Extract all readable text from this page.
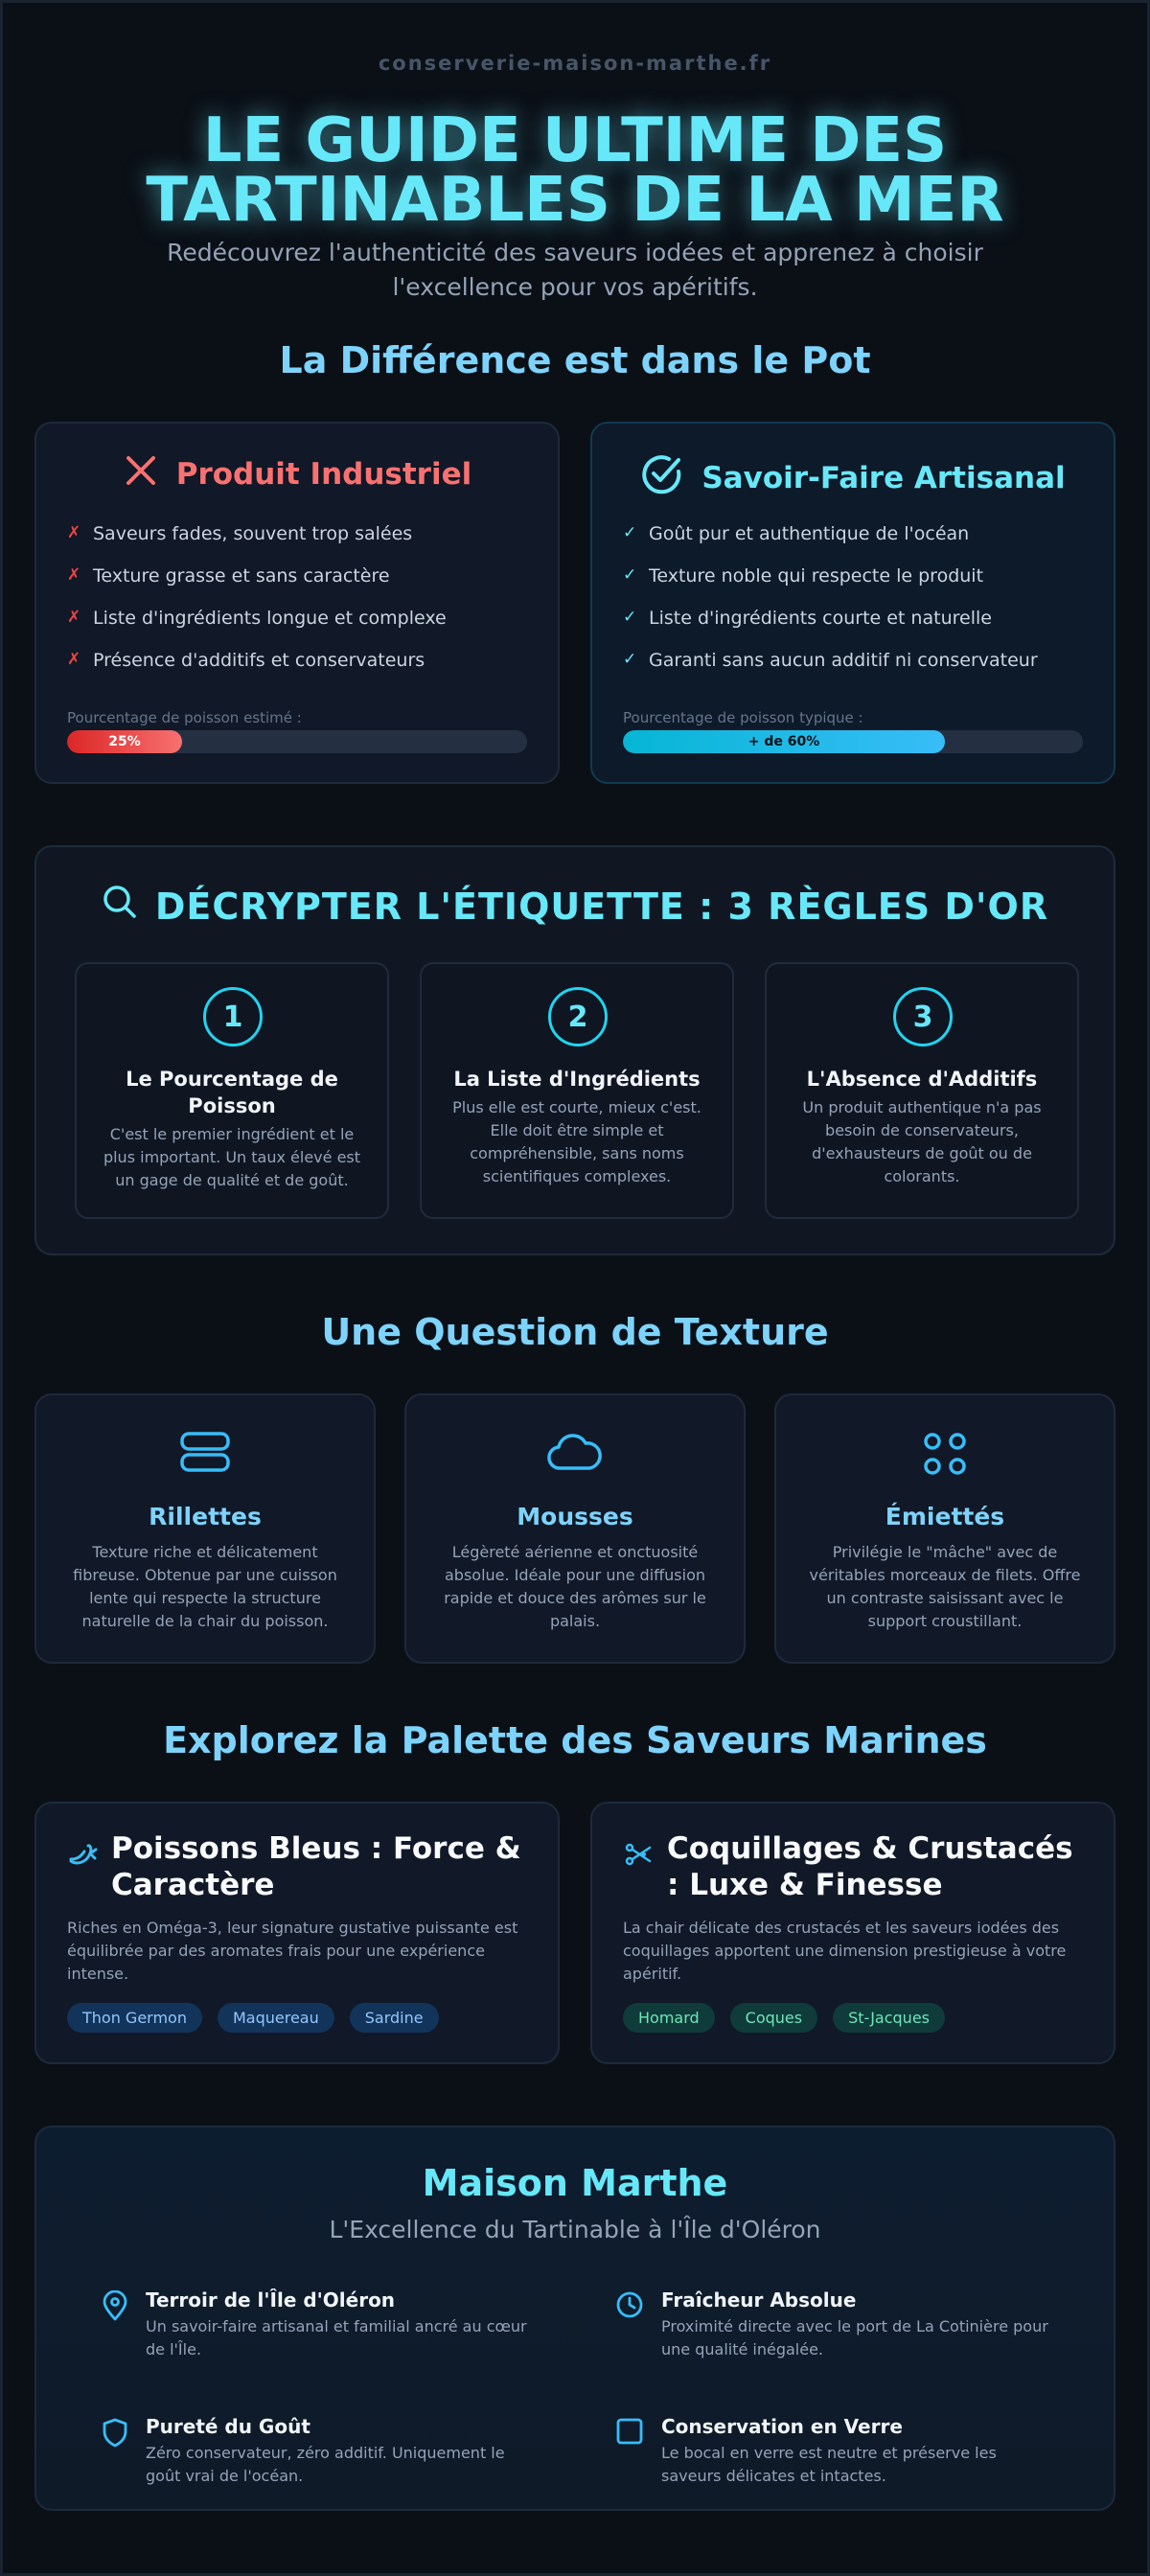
conserverie-maison-marthe.fr
LE GUIDE ULTIME DES
TARTINABLES DE LA MER
Redécouvrez l'authenticité des saveurs iodées et apprenez à choisir l'excellence pour vos apéritifs.
La Différence est dans le Pot
Produit Industriel
✗ Saveurs fades, souvent trop salées
✗ Texture grasse et sans caractère
✗ Liste d'ingrédients longue et complexe
✗ Présence d'additifs et conservateurs
Pourcentage de poisson estimé :
25%
Savoir-Faire Artisanal
✓ Goût pur et authentique de l'océan
✓ Texture noble qui respecte le produit
✓ Liste d'ingrédients courte et naturelle
✓ Garanti sans aucun additif ni conservateur
Pourcentage de poisson typique :
+ de 60%
DÉCRYPTER L'ÉTIQUETTE : 3 RÈGLES D'OR
1
Le Pourcentage de Poisson
C'est le premier ingrédient et le plus important. Un taux élevé est un gage de qualité et de goût.
2
La Liste d'Ingrédients
Plus elle est courte, mieux c'est. Elle doit être simple et compréhensible, sans noms scientifiques complexes.
3
L'Absence d'Additifs
Un produit authentique n'a pas besoin de conservateurs, d'exhausteurs de goût ou de colorants.
Une Question de Texture
Rillettes
Texture riche et délicatement fibreuse. Obtenue par une cuisson lente qui respecte la structure naturelle de la chair du poisson.
Mousses
Légèreté aérienne et onctuosité absolue. Idéale pour une diffusion rapide et douce des arômes sur le palais.
Émiettés
Privilégie le "mâche" avec de véritables morceaux de filets. Offre un contraste saisissant avec le support croustillant.
Explorez la Palette des Saveurs Marines
Poissons Bleus : Force & Caractère
Riches en Oméga-3, leur signature gustative puissante est équilibrée par des aromates frais pour une expérience intense.
Thon Germon	Maquereau	Sardine
Coquillages & Crustacés : Luxe & Finesse
La chair délicate des crustacés et les saveurs iodées des coquillages apportent une dimension prestigieuse à votre apéritif.
Homard	Coques	St-Jacques
Maison Marthe
L'Excellence du Tartinable à l'Île d'Oléron
Terroir de l'Île d'Oléron
Un savoir-faire artisanal et familial ancré au cœur de l'Île.
Fraîcheur Absolue
Proximité directe avec le port de La Cotinière pour une qualité inégalée.
Pureté du Goût
Zéro conservateur, zéro additif. Uniquement le goût vrai de l'océan.
Conservation en Verre
Le bocal en verre est neutre et préserve les saveurs délicates et intactes.
